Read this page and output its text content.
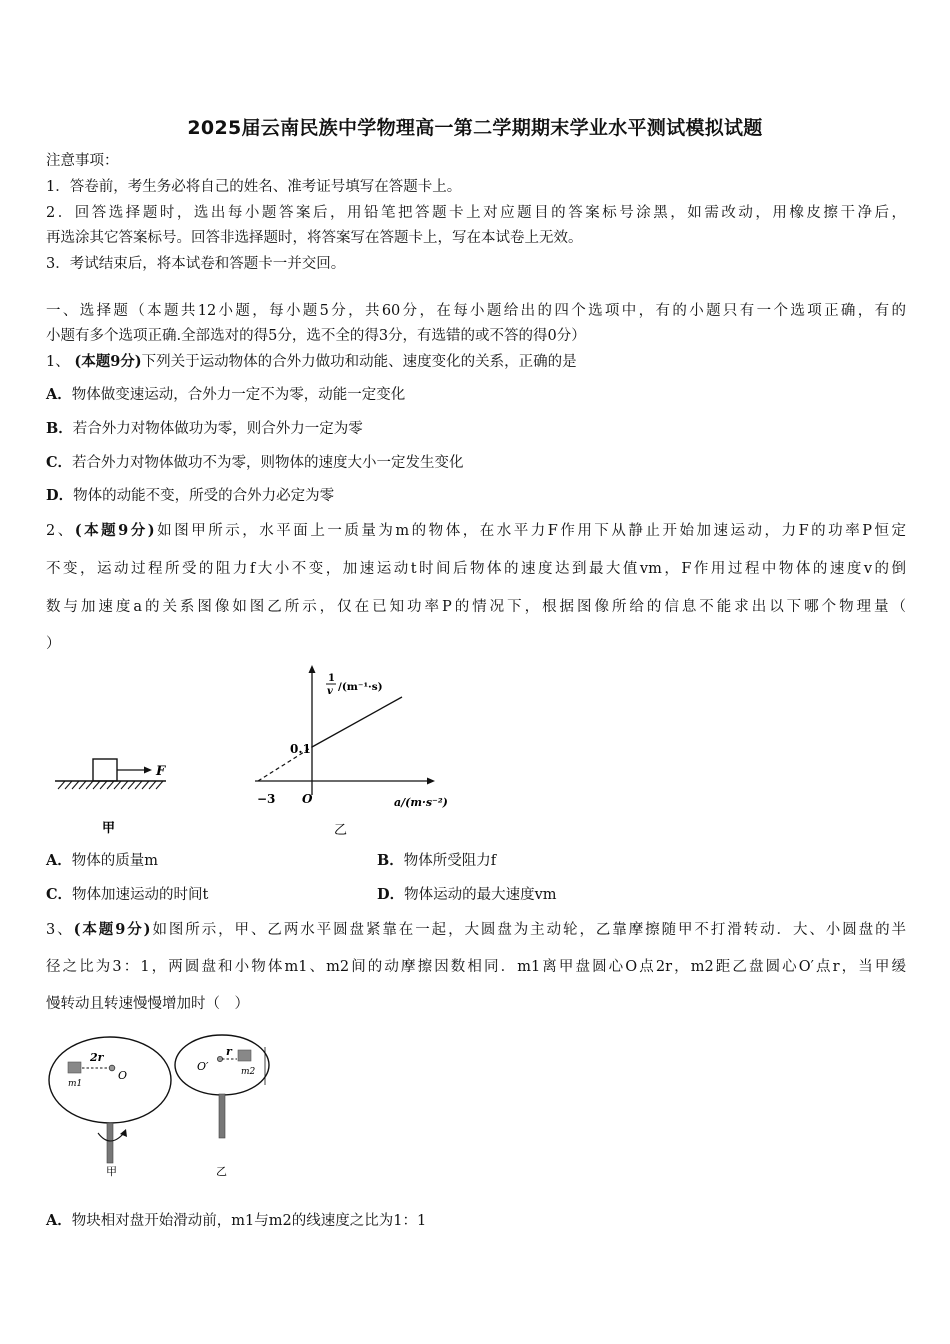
2025届云南民族中学物理高一第二学期期末学业水平测试模拟试题
注意事项：
1．答卷前，考生务必将自己的姓名、准考证号填写在答题卡上。
2．回答选择题时，选出每小题答案后，用铅笔把答题卡上对应题目的答案标号涂黑，如需改动，用橡皮擦干净后，
再选涂其它答案标号。回答非选择题时，将答案写在答题卡上，写在本试卷上无效。
3．考试结束后，将本试卷和答题卡一并交回。
一、选择题（本题共12小题，每小题5分，共60分，在每小题给出的四个选项中，有的小题只有一个选项正确，有的
小题有多个选项正确.全部选对的得5分，选不全的得3分，有选错的或不答的得0分）
1、 (本题9分)下列关于运动物体的合外力做功和动能、速度变化的关系，正确的是
A．物体做变速运动，合外力一定不为零，动能一定变化
B．若合外力对物体做功为零，则合外力一定为零
C．若合外力对物体做功不为零，则物体的速度大小一定发生变化
D．物体的动能不变，所受的合外力必定为零
2、(本题9分)如图甲所示，水平面上一质量为m的物体，在水平力F作用下从静止开始加速运动，力F的功率P恒定
不变，运动过程所受的阻力f大小不变，加速运动t时间后物体的速度达到最大值vm，F作用过程中物体的速度v的倒
数与加速度a的关系图像如图乙所示，仅在已知功率P的情况下，根据图像所给的信息不能求出以下哪个物理量（
）
F
甲
1
v /(m⁻¹·s)
0.1
−3 O	a/(m·s⁻²)
乙
A．物体的质量m	B．物体所受阻力f
C．物体加速运动的时间t	D．物体运动的最大速度vm
3、(本题9分)如图所示，甲、乙两水平圆盘紧靠在一起，大圆盘为主动轮，乙靠摩擦随甲不打滑转动．大、小圆盘的半
径之比为3：1，两圆盘和小物体m1、m2间的动摩擦因数相同．m1离甲盘圆心O点2r，m2距乙盘圆心O′点r，当甲缓
慢转动且转速慢慢增加时（　）
2r
m1
O
甲
O′
r
m2
乙
A．物块相对盘开始滑动前，m1与m2的线速度之比为1：1
